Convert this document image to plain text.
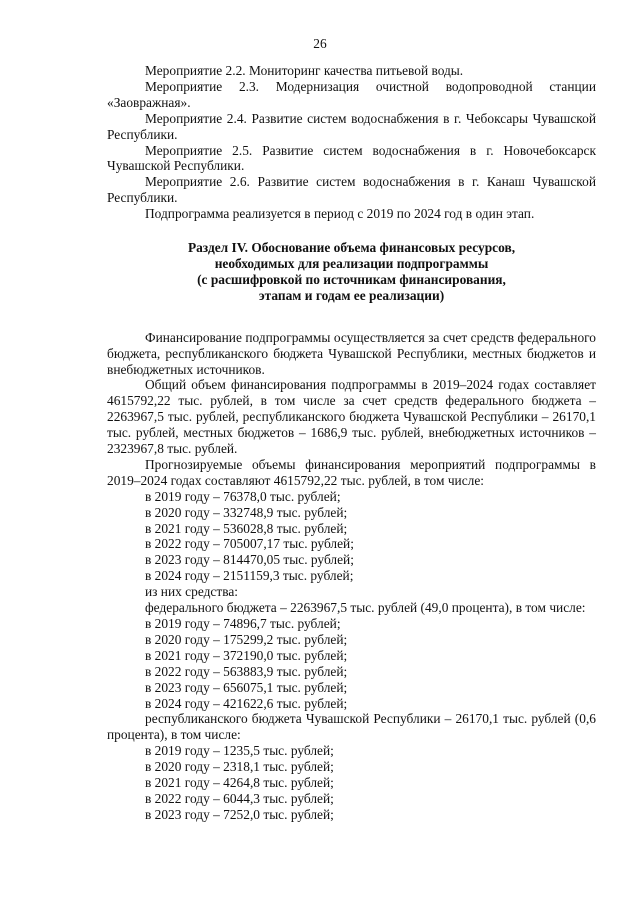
26

Мероприятие 2.2. Мониторинг качества питьевой воды.

Мероприятие 2.3. Модернизация очистной водопроводной станции «Заовражная».

Мероприятие 2.4. Развитие систем водоснабжения в г. Чебоксары Чувашской Республики.

Мероприятие 2.5. Развитие систем водоснабжения в г. Новочебоксарск Чувашской Республики.

Мероприятие 2.6. Развитие систем водоснабжения в г. Канаш Чувашской Республики.

Подпрограмма реализуется в период с 2019 по 2024 год в один этап.

Раздел IV. Обоснование объема финансовых ресурсов,
необходимых для реализации подпрограммы
(с расшифровкой по источникам финансирования,
этапам и годам ее реализации)

Финансирование подпрограммы осуществляется за счет средств федерального бюджета, республиканского бюджета Чувашской Республики, местных бюджетов и внебюджетных источников.

Общий объем финансирования подпрограммы в 2019–2024 годах составляет 4615792,22 тыс. рублей, в том числе за счет средств федерального бюджета – 2263967,5 тыс. рублей, республиканского бюджета Чувашской Республики – 26170,1 тыс. рублей, местных бюджетов – 1686,9 тыс. рублей, внебюджетных источников – 2323967,8 тыс. рублей.

Прогнозируемые объемы финансирования мероприятий подпрограммы в 2019–2024 годах составляют 4615792,22 тыс. рублей, в том числе:

в 2019 году – 76378,0 тыс. рублей;

в 2020 году – 332748,9 тыс. рублей;

в 2021 году – 536028,8 тыс. рублей;

в 2022 году – 705007,17 тыс. рублей;

в 2023 году – 814470,05 тыс. рублей;

в 2024 году – 2151159,3 тыс. рублей;

из них средства:

федерального бюджета – 2263967,5 тыс. рублей (49,0 процента), в том числе:

в 2019 году – 74896,7 тыс. рублей;

в 2020 году – 175299,2 тыс. рублей;

в 2021 году – 372190,0 тыс. рублей;

в 2022 году – 563883,9 тыс. рублей;

в 2023 году – 656075,1 тыс. рублей;

в 2024 году – 421622,6 тыс. рублей;

республиканского бюджета Чувашской Республики – 26170,1 тыс. рублей (0,6 процента), в том числе:

в 2019 году – 1235,5 тыс. рублей;

в 2020 году – 2318,1 тыс. рублей;

в 2021 году – 4264,8 тыс. рублей;

в 2022 году – 6044,3 тыс. рублей;

в 2023 году – 7252,0 тыс. рублей;
